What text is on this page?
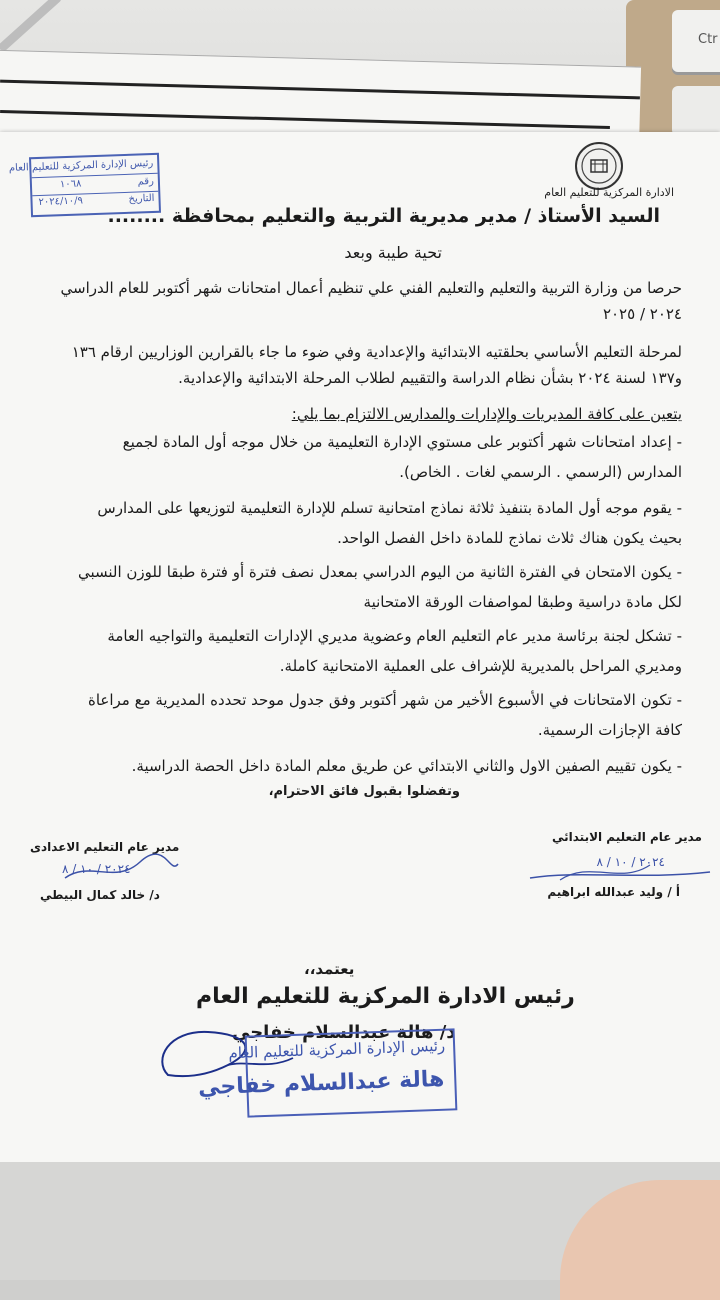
Ctr
الادارة المركزية للتعليم العام
رئيس الإدارة المركزية للتعليم العام
رقم
١٠٦٨
التاريخ
٢٠٢٤/١٠/٩
السيد الأستاذ / مدير مديرية التربية والتعليم بمحافظة ........
تحية طيبة وبعد
حرصا من وزارة التربية والتعليم والتعليم الفني علي تنظيم أعمال امتحانات شهر أكتوبر للعام الدراسي
٢٠٢٤ / ٢٠٢٥
لمرحلة التعليم الأساسي بحلقتيه الابتدائية والإعدادية وفي ضوء ما جاء بالقرارين الوزاريين ارقام ١٣٦
و١٣٧ لسنة ٢٠٢٤ بشأن نظام الدراسة والتقييم لطلاب المرحلة الابتدائية والإعدادية.
يتعين على كافة المديريات والإدارات والمدارس الالتزام بما يلي:
- إعداد امتحانات شهر أكتوبر على مستوي الإدارة التعليمية من خلال موجه أول المادة لجميع
المدارس (الرسمي . الرسمي لغات . الخاص).
- يقوم موجه أول المادة بتنفيذ ثلاثة نماذج امتحانية تسلم للإدارة التعليمية لتوزيعها على المدارس
بحيث يكون هناك ثلاث نماذج للمادة داخل الفصل الواحد.
- يكون الامتحان في الفترة الثانية من اليوم الدراسي بمعدل نصف فترة أو فترة طبقا للوزن النسبي
لكل مادة دراسية وطبقا لمواصفات الورقة الامتحانية
- تشكل لجنة برئاسة مدير عام التعليم العام وعضوية مديري الإدارات التعليمية والتواجيه العامة
ومديري المراحل بالمديرية للإشراف على العملية الامتحانية كاملة.
- تكون الامتحانات في الأسبوع الأخير من شهر أكتوبر وفق جدول موحد تحدده المديرية مع مراعاة
كافة الإجازات الرسمية.
- يكون تقييم الصفين الاول والثاني الابتدائي عن طريق معلم المادة داخل الحصة الدراسية.
وتفضلوا بقبول فائق الاحترام،
مدير عام التعليم الابتدائي
٢٠٢٤ / ١٠ / ٨
أ / وليد عبدالله ابراهيم
مدير عام التعليم الاعدادى
٢٠٢٤ / ١٠ / ٨
د/ خالد كمال البيطي
يعتمد،،
رئيس الادارة المركزية للتعليم العام
د/ هالة عبدالسلام خفاجي
رئيس الإدارة المركزية للتعليم العام
هالة عبدالسلام خفاجي
